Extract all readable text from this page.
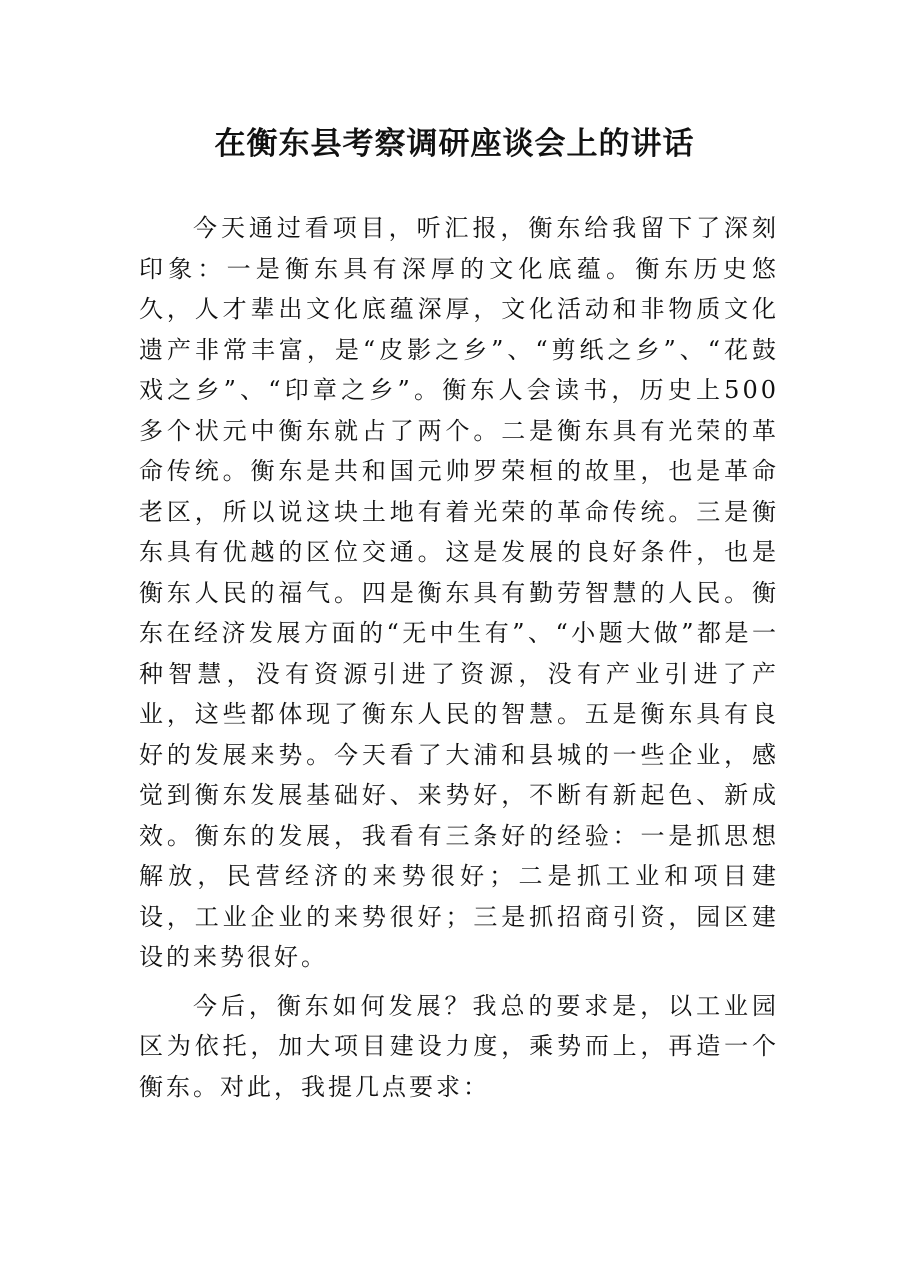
在衡东县考察调研座谈会上的讲话

今天通过看项目，听汇报，衡东给我留下了深刻印象：一是衡东具有深厚的文化底蕴。衡东历史悠久，人才辈出文化底蕴深厚，文化活动和非物质文化遗产非常丰富，是“皮影之乡”、“剪纸之乡”、“花鼓戏之乡”、“印章之乡”。衡东人会读书，历史上500多个状元中衡东就占了两个。二是衡东具有光荣的革命传统。衡东是共和国元帅罗荣桓的故里，也是革命老区，所以说这块土地有着光荣的革命传统。三是衡东具有优越的区位交通。这是发展的良好条件，也是衡东人民的福气。四是衡东具有勤劳智慧的人民。衡东在经济发展方面的“无中生有”、“小题大做”都是一种智慧，没有资源引进了资源，没有产业引进了产业，这些都体现了衡东人民的智慧。五是衡东具有良好的发展来势。今天看了大浦和县城的一些企业，感觉到衡东发展基础好、来势好，不断有新起色、新成效。衡东的发展，我看有三条好的经验：一是抓思想解放，民营经济的来势很好；二是抓工业和项目建设，工业企业的来势很好；三是抓招商引资，园区建设的来势很好。

今后，衡东如何发展？我总的要求是，以工业园区为依托，加大项目建设力度，乘势而上，再造一个衡东。对此，我提几点要求：
